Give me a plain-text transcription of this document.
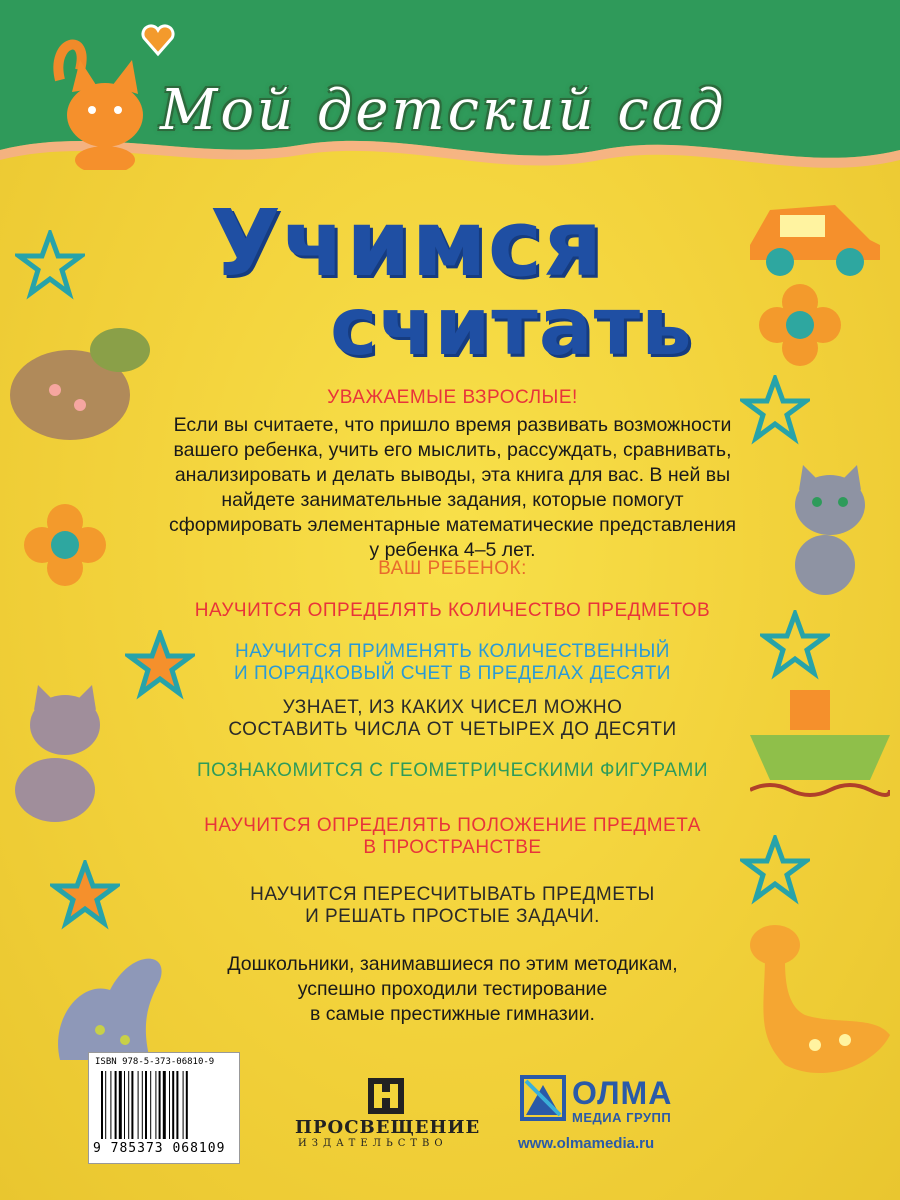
Мой детский сад
Учимся
считать
УВАЖАЕМЫЕ ВЗРОСЛЫЕ!
Если вы считаете, что пришло время развивать возможности
вашего ребенка, учить его мыслить, рассуждать, сравнивать,
анализировать и делать выводы, эта книга для вас. В ней вы
найдете занимательные задания, которые помогут
сформировать элементарные математические представления
у ребенка 4–5 лет.
ВАШ РЕБЕНОК:
НАУЧИТСЯ ОПРЕДЕЛЯТЬ КОЛИЧЕСТВО ПРЕДМЕТОВ
НАУЧИТСЯ ПРИМЕНЯТЬ КОЛИЧЕСТВЕННЫЙ
И ПОРЯДКОВЫЙ СЧЕТ В ПРЕДЕЛАХ ДЕСЯТИ
УЗНАЕТ, ИЗ КАКИХ ЧИСЕЛ МОЖНО
СОСТАВИТЬ ЧИСЛА ОТ ЧЕТЫРЕХ ДО ДЕСЯТИ
ПОЗНАКОМИТСЯ С ГЕОМЕТРИЧЕСКИМИ ФИГУРАМИ
НАУЧИТСЯ ОПРЕДЕЛЯТЬ ПОЛОЖЕНИЕ ПРЕДМЕТА
В ПРОСТРАНСТВЕ
НАУЧИТСЯ ПЕРЕСЧИТЫВАТЬ ПРЕДМЕТЫ
И РЕШАТЬ ПРОСТЫЕ ЗАДАЧИ.
Дошкольники, занимавшиеся по этим методикам,
успешно проходили тестирование
в самые престижные гимназии.
ISBN 978-5-373-06810-9
9 785373 068109
ПРОСВЕЩЕНИЕ
ИЗДАТЕЛЬСТВО
ОЛМА
МЕДИА ГРУПП
www.olmamedia.ru
